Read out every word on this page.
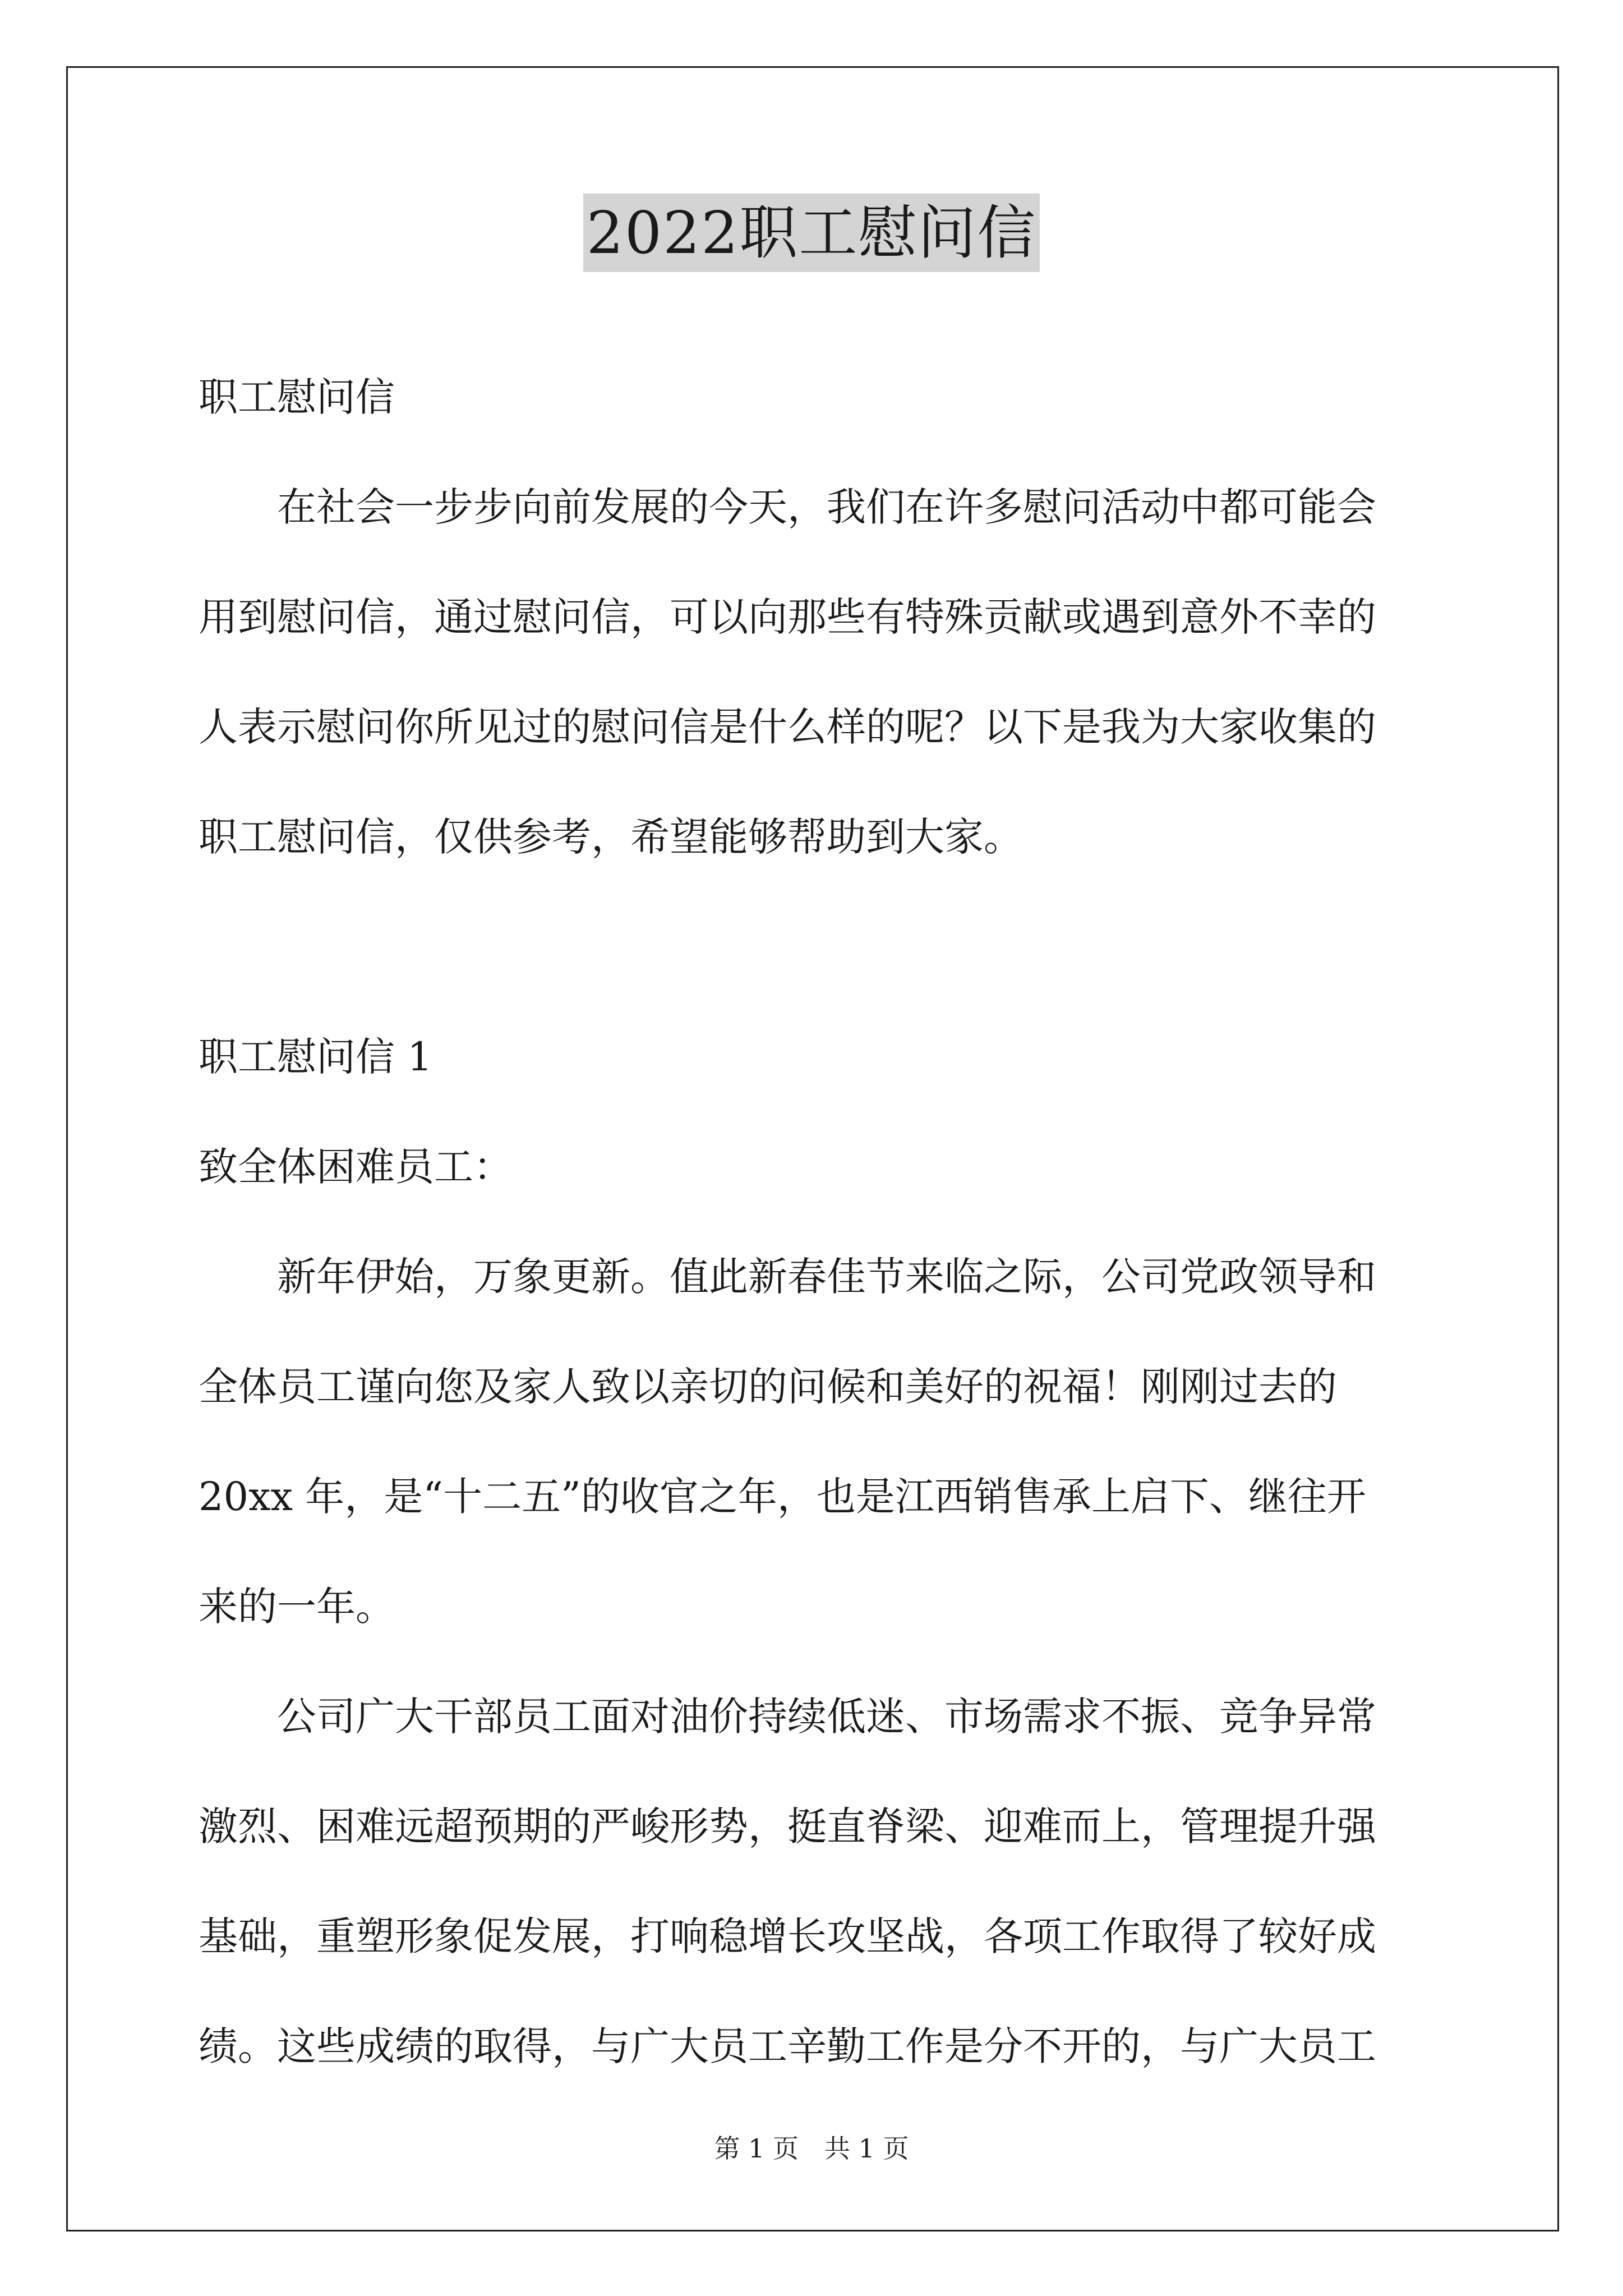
2022职工慰问信
职工慰问信
在社会一步步向前发展的今天，我们在许多慰问活动中都可能会
用到慰问信，通过慰问信，可以向那些有特殊贡献或遇到意外不幸的
人表示慰问你所见过的慰问信是什么样的呢？以下是我为大家收集的
职工慰问信，仅供参考，希望能够帮助到大家。
职工慰问信 1
致全体困难员工：
新年伊始，万象更新。值此新春佳节来临之际，公司党政领导和
全体员工谨向您及家人致以亲切的问候和美好的祝福！刚刚过去的
20xx 年，是“十二五”的收官之年，也是江西销售承上启下、继往开
来的一年。
公司广大干部员工面对油价持续低迷、市场需求不振、竞争异常
激烈、困难远超预期的严峻形势，挺直脊梁、迎难而上，管理提升强
基础，重塑形象促发展，打响稳增长攻坚战，各项工作取得了较好成
绩。这些成绩的取得，与广大员工辛勤工作是分不开的，与广大员工
第 1 页　共 1 页
